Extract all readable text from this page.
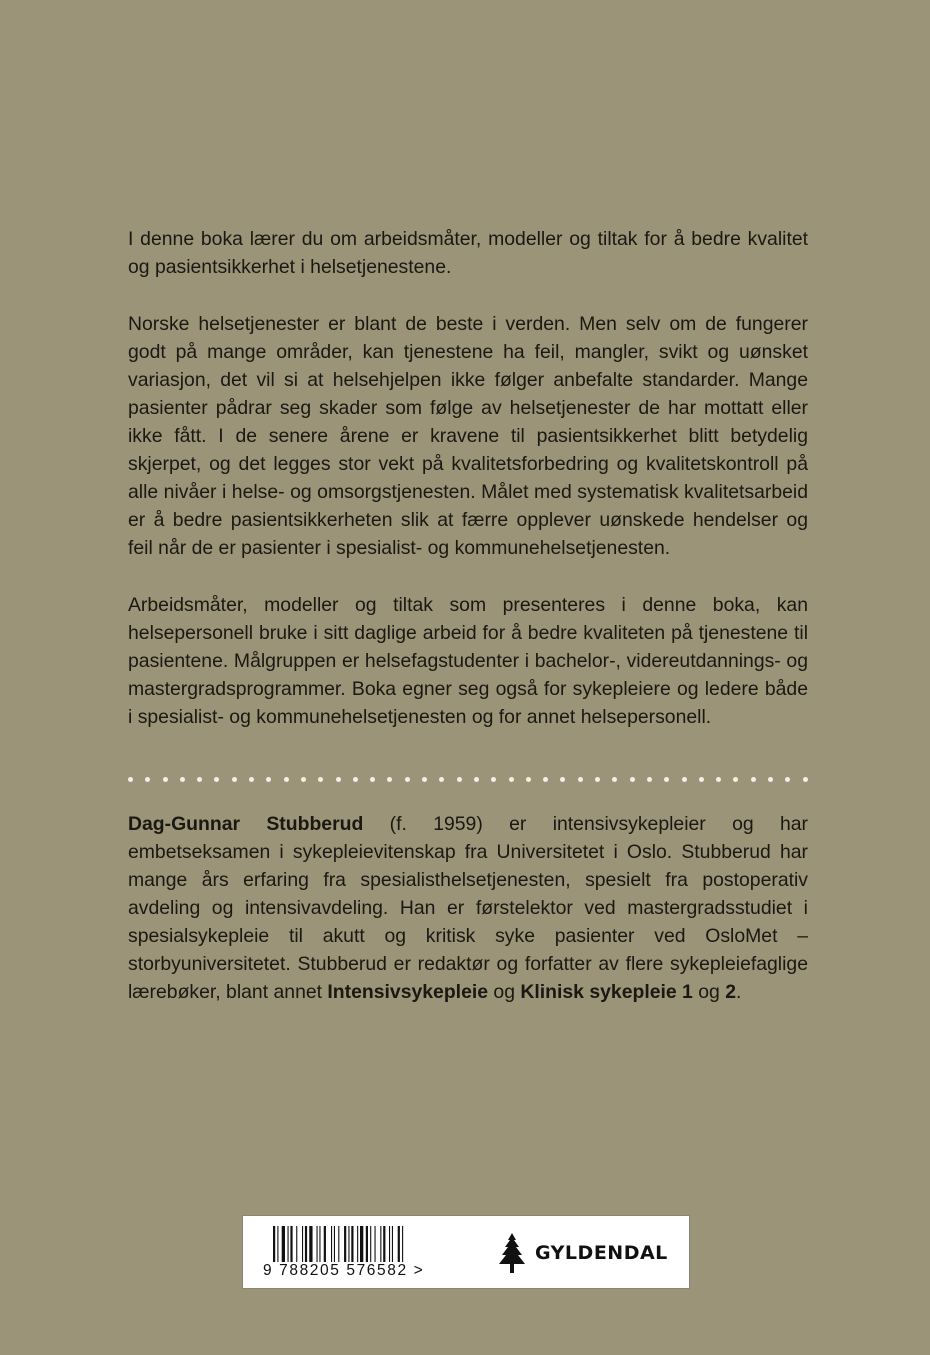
I denne boka lærer du om arbeidsmåter, modeller og tiltak for å bedre kvalitet og pasientsikkerhet i helsetjenestene.

Norske helsetjenester er blant de beste i verden. Men selv om de fungerer godt på mange områder, kan tjenestene ha feil, mangler, svikt og uønsket variasjon, det vil si at helsehjelpen ikke følger anbefalte standarder. Mange pasienter pådrar seg skader som følge av helsetjenester de har mottatt eller ikke fått. I de senere årene er kravene til pasientsikkerhet blitt betydelig skjerpet, og det legges stor vekt på kvalitetsforbedring og kvalitetskontroll på alle nivåer i helse- og omsorgstjenesten. Målet med systematisk kvalitetsarbeid er å bedre pasientsikkerheten slik at færre opplever uønskede hendelser og feil når de er pasienter i spesialist- og kommunehelsetjenesten.

Arbeidsmåter, modeller og tiltak som presenteres i denne boka, kan helsepersonell bruke i sitt daglige arbeid for å bedre kvaliteten på tjenestene til pasientene. Målgruppen er helsefagstudenter i bachelor-, videreutdannings- og mastergradsprogrammer. Boka egner seg også for sykepleiere og ledere både i spesialist- og kommunehelsetjenesten og for annet helsepersonell.

Dag-Gunnar Stubberud (f. 1959) er intensivsykepleier og har embetseksamen i sykepleievitenskap fra Universitetet i Oslo. Stubberud har mange års erfaring fra spesialisthelsetjenesten, spesielt fra postoperativ avdeling og intensivavdeling. Han er førstelektor ved mastergradsstudiet i spesialsykepleie til akutt og kritisk syke pasienter ved OsloMet – storbyuniversitetet. Stubberud er redaktør og forfatter av flere sykepleiefaglige lærebøker, blant annet Intensivsykepleie og Klinisk sykepleie 1 og 2.

9 788205 576582 >
GYLDENDAL
